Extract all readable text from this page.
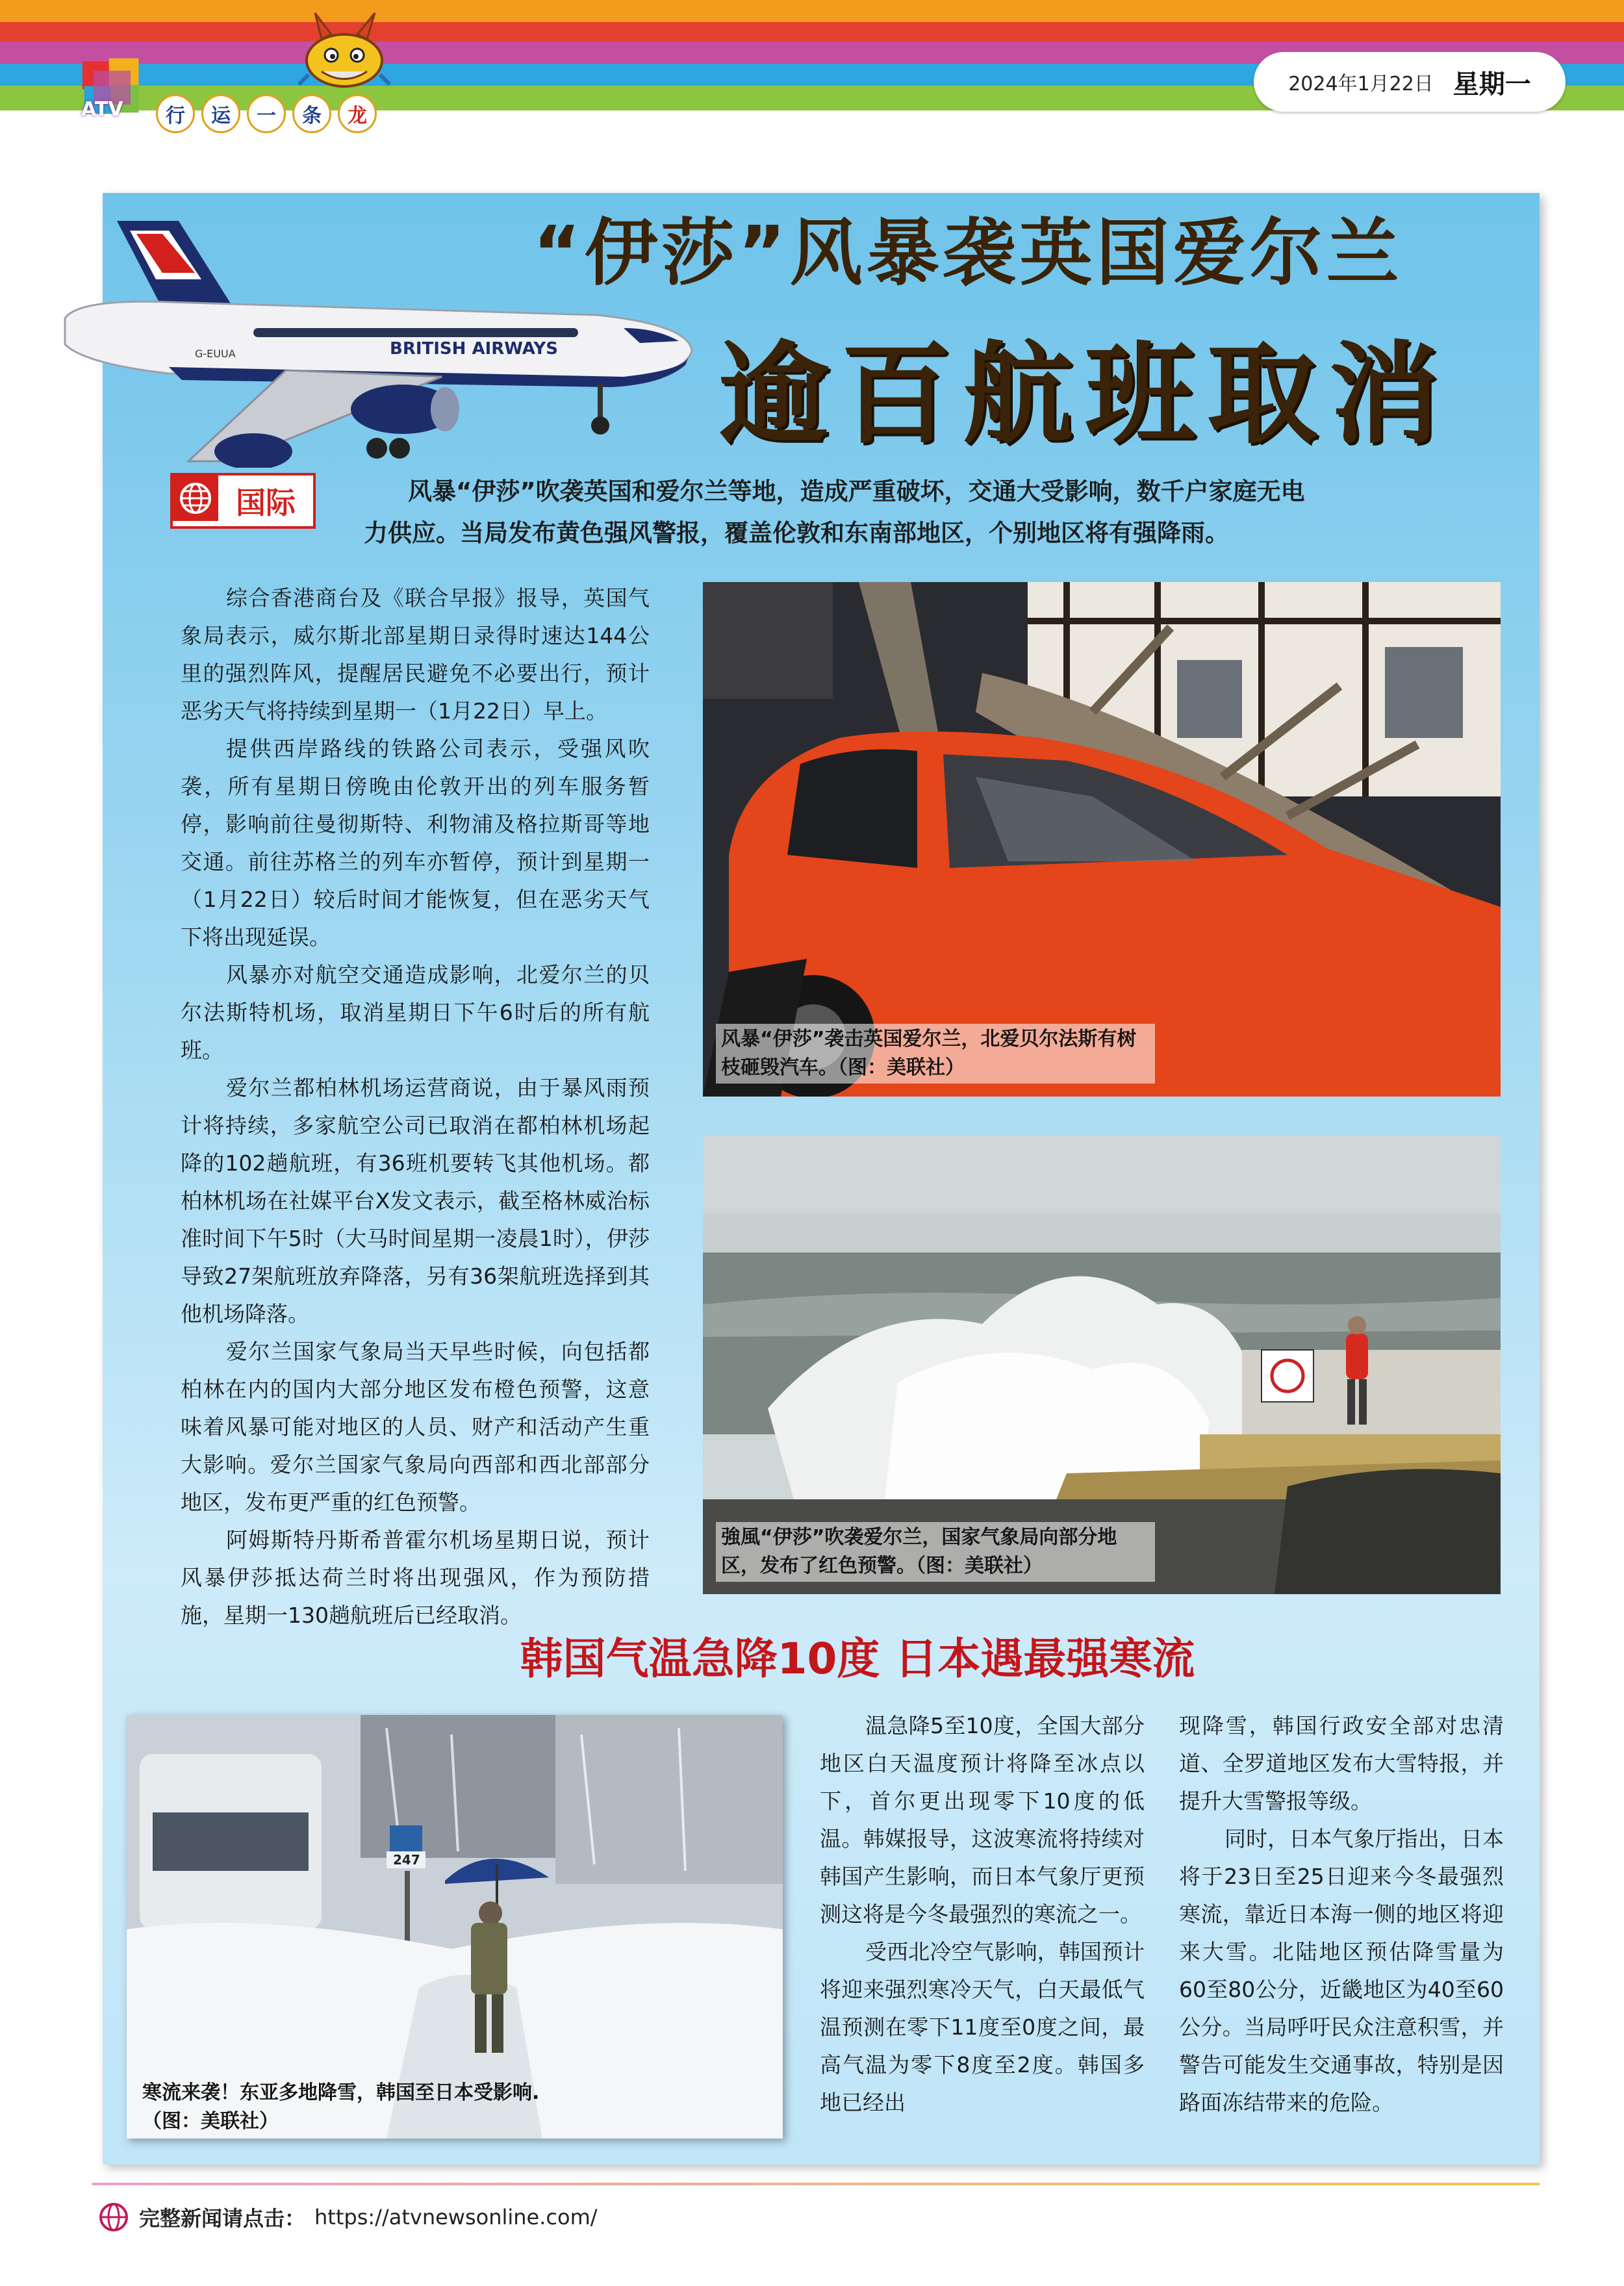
ATV	行	运	一	条	龙
2024年1月22日 星期一
BRITISH AIRWAYS
G-EUUA
“伊莎”风暴袭英国爱尔兰
逾百航班取消
国际	风暴“伊莎”吹袭英国和爱尔兰等地，造成严重破坏，交通大受影响，数千户家庭无电
力供应。当局发布黄色强风警报，覆盖伦敦和东南部地区，个别地区将有强降雨。

综合香港商台及《联合早报》报导，英国气象局表示，威尔斯北部星期日录得时速达144公里的强烈阵风，提醒居民避免不必要出行，预计恶劣天气将持续到星期一（1月22日）早上。

提供西岸路线的铁路公司表示，受强风吹袭，所有星期日傍晚由伦敦开出的列车服务暂停，影响前往曼彻斯特、利物浦及格拉斯哥等地交通。前往苏格兰的列车亦暂停，预计到星期一（1月22日）较后时间才能恢复，但在恶劣天气下将出现延误。

风暴亦对航空交通造成影响，北爱尔兰的贝尔法斯特机场，取消星期日下午6时后的所有航班。

爱尔兰都柏林机场运营商说，由于暴风雨预计将持续，多家航空公司已取消在都柏林机场起降的102趟航班，有36班机要转飞其他机场。都柏林机场在社媒平台X发文表示，截至格林威治标准时间下午5时（大马时间星期一凌晨1时），伊莎导致27架航班放弃降落，另有36架航班选择到其他机场降落。

爱尔兰国家气象局当天早些时候，向包括都柏林在内的国内大部分地区发布橙色预警，这意味着风暴可能对地区的人员、财产和活动产生重大影响。爱尔兰国家气象局向西部和西北部部分地区，发布更严重的红色预警。

阿姆斯特丹斯希普霍尔机场星期日说，预计风暴伊莎抵达荷兰时将出现强风，作为预防措施，星期一130趟航班后已经取消。

风暴“伊莎”袭击英国爱尔兰，北爱贝尔法斯有树枝砸毁汽车。（图：美联社）
強風“伊莎”吹袭爱尔兰，国家气象局向部分地区，发布了红色预警。（图：美联社）
韩国气温急降10度 日本遇最强寒流
247
寒流来袭！东亚多地降雪，韩国至日本受影响.（图：美联社）

温急降5至10度，全国大部分地区白天温度预计将降至冰点以下，首尔更出现零下10度的低温。韩媒报导，这波寒流将持续对韩国产生影响，而日本气象厅更预测这将是今冬最强烈的寒流之一。

受西北冷空气影响，韩国预计将迎来强烈寒冷天气，白天最低气温预测在零下11度至0度之间，最高气温为零下8度至2度。韩国多地已经出

现降雪，韩国行政安全部对忠清道、全罗道地区发布大雪特报，并提升大雪警报等级。

同时，日本气象厅指出，日本将于23日至25日迎来今冬最强烈寒流，靠近日本海一侧的地区将迎来大雪。北陆地区预估降雪量为60至80公分，近畿地区为40至60公分。当局呼吁民众注意积雪，并警告可能发生交通事故，特别是因路面冻结带来的危险。

完整新闻请点击： https://atvnewsonline.com/
